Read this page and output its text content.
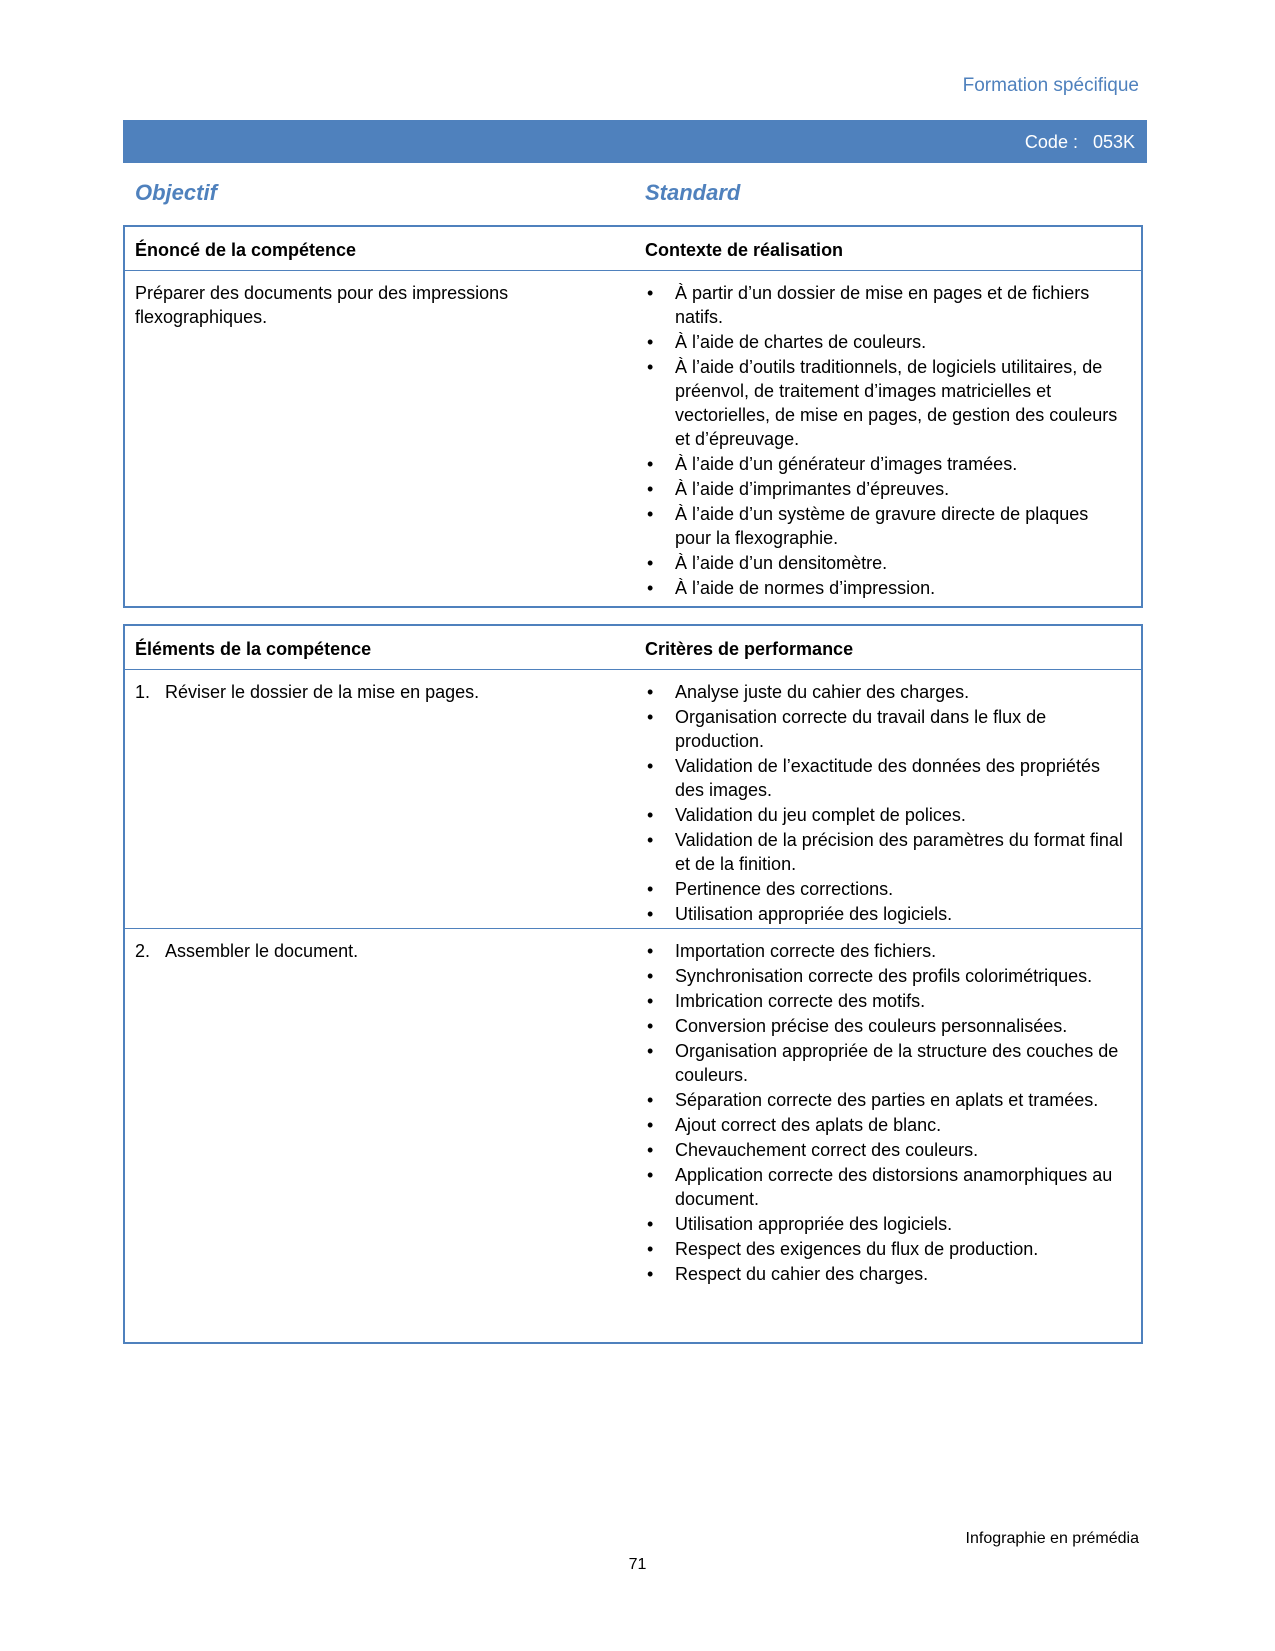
Formation spécifique
Code :   053K
Objectif	Standard
Énoncé de la compétence	Contexte de réalisation
Préparer des documents pour des impressions flexographiques.
• À partir d’un dossier de mise en pages et de fichiers natifs.
• À l’aide de chartes de couleurs.
• À l’aide d’outils traditionnels, de logiciels utilitaires, de préenvol, de traitement d’images matricielles et vectorielles, de mise en pages, de gestion des couleurs et d’épreuvage.
• À l’aide d’un générateur d’images tramées.
• À l’aide d’imprimantes d’épreuves.
• À l’aide d’un système de gravure directe de plaques pour la flexographie.
• À l’aide d’un densitomètre.
• À l’aide de normes d’impression.
Éléments de la compétence	Critères de performance
1. Réviser le dossier de la mise en pages.	• Analyse juste du cahier des charges.
• Organisation correcte du travail dans le flux de production.
• Validation de l’exactitude des données des propriétés des images.
• Validation du jeu complet de polices.
• Validation de la précision des paramètres du format final et de la finition.
• Pertinence des corrections.
• Utilisation appropriée des logiciels.
2. Assembler le document.	• Importation correcte des fichiers.
• Synchronisation correcte des profils colorimétriques.
• Imbrication correcte des motifs.
• Conversion précise des couleurs personnalisées.
• Organisation appropriée de la structure des couches de couleurs.
• Séparation correcte des parties en aplats et tramées.
• Ajout correct des aplats de blanc.
• Chevauchement correct des couleurs.
• Application correcte des distorsions anamorphiques au document.
• Utilisation appropriée des logiciels.
• Respect des exigences du flux de production.
• Respect du cahier des charges.
Infographie en prémédia
71
